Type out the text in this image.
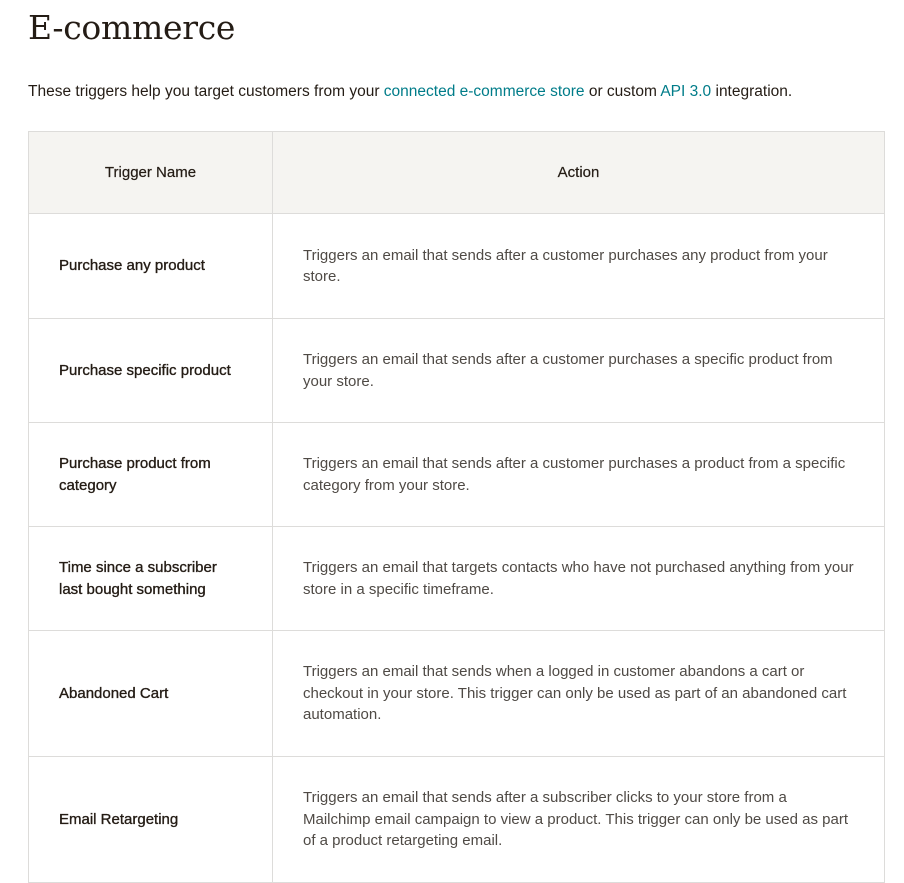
E-commerce

These triggers help you target customers from your connected e-commerce store or custom API 3.0 integration.

Trigger Name	Action
Purchase any product	Triggers an email that sends after a customer purchases any product from your store.
Purchase specific product	Triggers an email that sends after a customer purchases a specific product from your store.
Purchase product from category	Triggers an email that sends after a customer purchases a product from a specific category from your store.
Time since a subscriber last bought something	Triggers an email that targets contacts who have not purchased anything from your store in a specific timeframe.
Abandoned Cart	Triggers an email that sends when a logged in customer abandons a cart or checkout in your store. This trigger can only be used as part of an abandoned cart automation.
Email Retargeting	Triggers an email that sends after a subscriber clicks to your store from a Mailchimp email campaign to view a product. This trigger can only be used as part of a product retargeting email.
